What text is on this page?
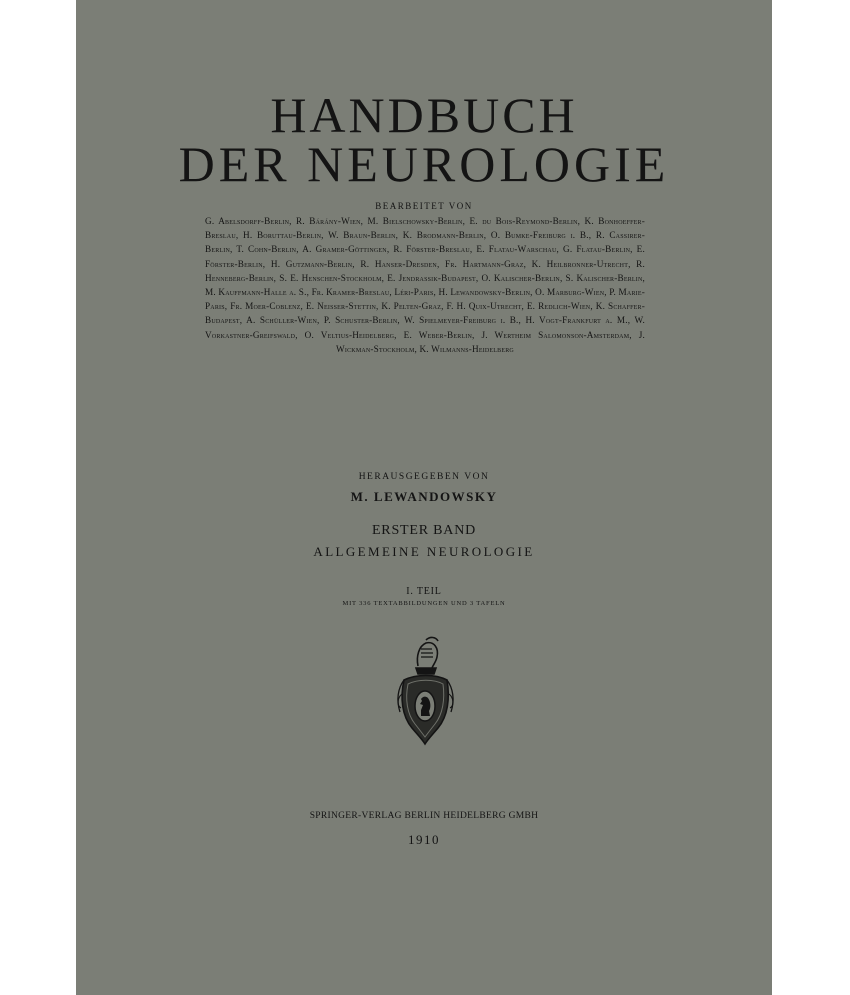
HANDBUCH
DER NEUROLOGIE
BEARBEITET VON
G. Abelsdorff-Berlin, R. Bárány-Wien, M. Bielschowsky-Berlin, E. du Bois-Reymond-Berlin, K. Bonhoeffer-Breslau, H. Boruttau-Berlin, W. Braun-Berlin, K. Brodmann-Berlin, O. Bumke-Freiburg i. B., R. Cassirer-Berlin, T. Cohn-Berlin, A. Gramer-Göttingen, R. Förster-Breslau, E. Flatau-Warschau, G. Flatau-Berlin, E. Förster-Berlin, H. Gutzmann-Berlin, R. Hanser-Dresden, Fr. Hartmann-Graz, K. Heilbronner-Utrecht, R. Henneberg-Berlin, S. E. Henschen-Stockholm, E. Jendrassik-Budapest, O. Kalischer-Berlin, S. Kalischer-Berlin, M. Kauffmann-Halle a. S., Fr. Kramer-Breslau, Léri-Paris, H. Lewandowsky-Berlin, O. Marburg-Wien, P. Marie-Paris, Fr. Moer-Coblenz, E. Neisser-Stettin, K. Pelten-Graz, F. H. Quix-Utrecht, E. Redlich-Wien, K. Schaffer-Budapest, A. Schüller-Wien, P. Schuster-Berlin, W. Spielmeyer-Freiburg i. B., H. Vogt-Frankfurt a. M., W. Vorkastner-Greifswald, O. Veltius-Heidelberg, E. Weber-Berlin, J. Wertheim Salomonson-Amsterdam, J. Wickman-Stockholm, K. Wilmanns-Heidelberg
HERAUSGEGEBEN VON
M. LEWANDOWSKY
ERSTER BAND
ALLGEMEINE NEUROLOGIE
I. TEIL
MIT 336 TEXTABBILDUNGEN UND 3 TAFELN
SPRINGER-VERLAG BERLIN HEIDELBERG GMBH
1910
